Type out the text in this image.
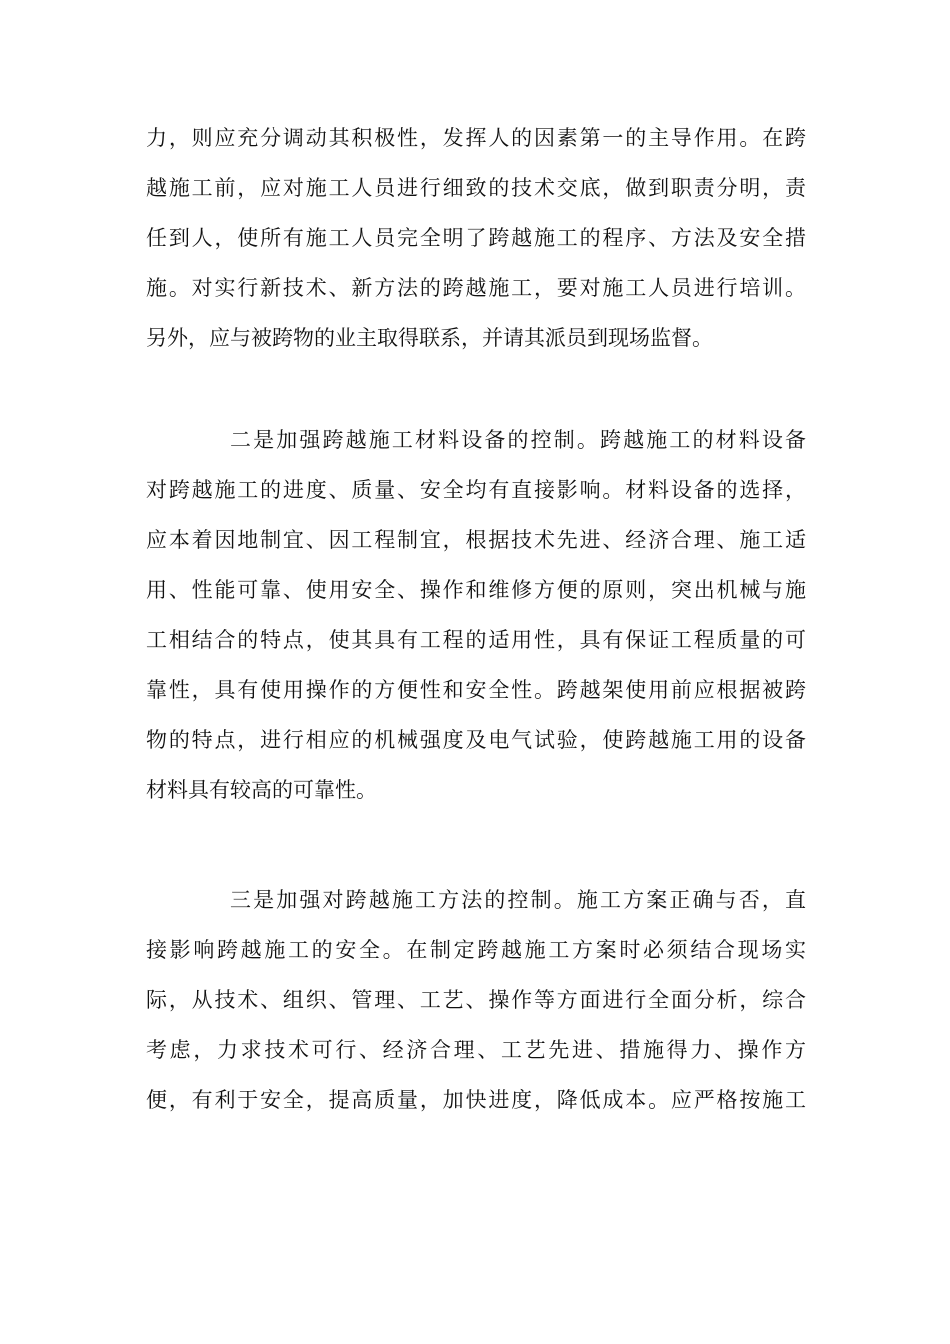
力，则应充分调动其积极性，发挥人的因素第一的主导作用。在跨
越施工前，应对施工人员进行细致的技术交底，做到职责分明，责
任到人，使所有施工人员完全明了跨越施工的程序、方法及安全措
施。对实行新技术、新方法的跨越施工，要对施工人员进行培训。
另外，应与被跨物的业主取得联系，并请其派员到现场监督。
二是加强跨越施工材料设备的控制。跨越施工的材料设备
对跨越施工的进度、质量、安全均有直接影响。材料设备的选择，
应本着因地制宜、因工程制宜，根据技术先进、经济合理、施工适
用、性能可靠、使用安全、操作和维修方便的原则，突出机械与施
工相结合的特点，使其具有工程的适用性，具有保证工程质量的可
靠性，具有使用操作的方便性和安全性。跨越架使用前应根据被跨
物的特点，进行相应的机械强度及电气试验，使跨越施工用的设备
材料具有较高的可靠性。
三是加强对跨越施工方法的控制。施工方案正确与否，直
接影响跨越施工的安全。在制定跨越施工方案时必须结合现场实
际，从技术、组织、管理、工艺、操作等方面进行全面分析，综合
考虑，力求技术可行、经济合理、工艺先进、措施得力、操作方
便，有利于安全，提高质量，加快进度，降低成本。应严格按施工
